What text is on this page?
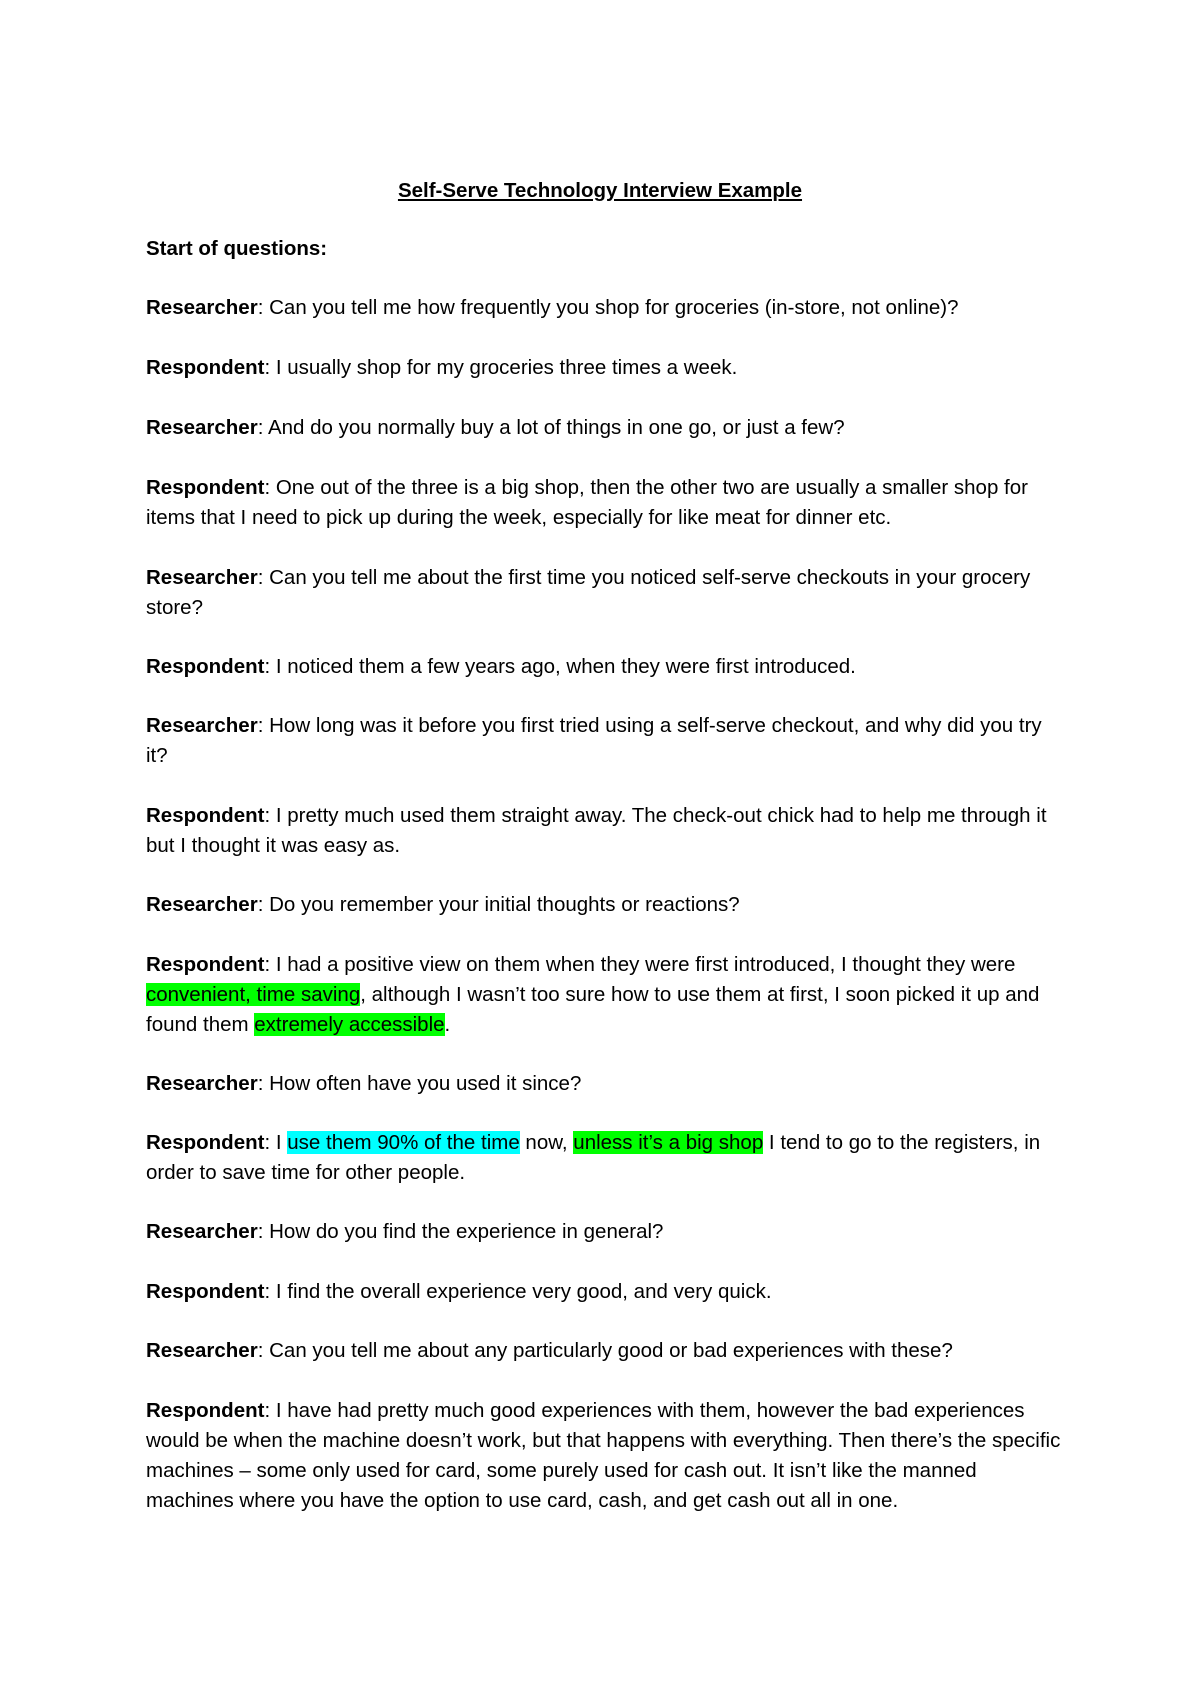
Self-Serve Technology Interview Example
Start of questions:

Researcher: Can you tell me how frequently you shop for groceries (in-store, not online)?

Respondent: I usually shop for my groceries three times a week.

Researcher: And do you normally buy a lot of things in one go, or just a few?

Respondent: One out of the three is a big shop, then the other two are usually a smaller shop for items that I need to pick up during the week, especially for like meat for dinner etc.

Researcher: Can you tell me about the first time you noticed self-serve checkouts in your grocery store?

Respondent: I noticed them a few years ago, when they were first introduced.

Researcher: How long was it before you first tried using a self-serve checkout, and why did you try it?

Respondent: I pretty much used them straight away. The check-out chick had to help me through it but I thought it was easy as.

Researcher: Do you remember your initial thoughts or reactions?

Respondent: I had a positive view on them when they were first introduced, I thought they were convenient, time saving, although I wasn’t too sure how to use them at first, I soon picked it up and found them extremely accessible.

Researcher: How often have you used it since?

Respondent: I use them 90% of the time now, unless it’s a big shop I tend to go to the registers, in order to save time for other people.

Researcher: How do you find the experience in general?

Respondent: I find the overall experience very good, and very quick.

Researcher: Can you tell me about any particularly good or bad experiences with these?

Respondent: I have had pretty much good experiences with them, however the bad experiences would be when the machine doesn’t work, but that happens with everything. Then there’s the specific machines – some only used for card, some purely used for cash out. It isn’t like the manned machines where you have the option to use card, cash, and get cash out all in one.
